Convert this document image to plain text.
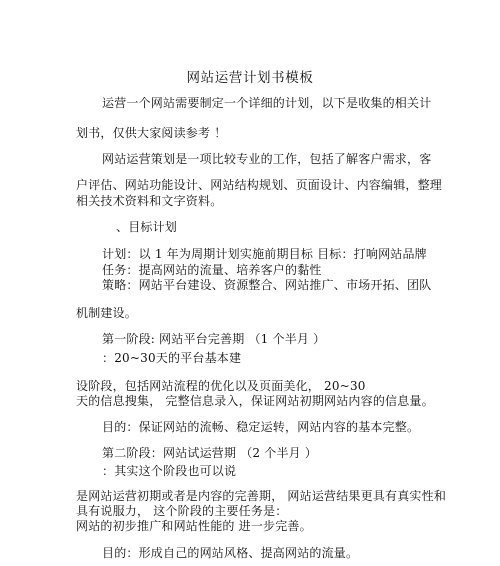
网站运营计划书模板
运营一个网站需要制定一个详细的计划，以下是收集的相关计
划书，仅供大家阅读参考 ！
网站运营策划是一项比较专业的工作，包括了解客户需求，客
户评估、网站功能设计、网站结构规划、页面设计、内容编辑，整理
相关技术资料和文字资料。
、目标计划
计划：以 1 年为周期计划实施前期目标 目标：打响网站品牌
任务：提高网站的流量、培养客户的黏性
策略：网站平台建设、资源整合、网站推广、市场开拓、团队
机制建设。
第一阶段: 网站平台完善期 （1 个半月 ）
：20~30天的平台基本建
设阶段，包括网站流程的优化以及页面美化， 20~30
天的信息搜集， 完整信息录入，保证网站初期网站内容的信息量。
目的：保证网站的流畅、稳定运转，网站内容的基本完整。
第二阶段：网站试运营期 （2 个半月 ）
：其实这个阶段也可以说
是网站运营初期或者是内容的完善期， 网站运营结果更具有真实性和
具有说服力， 这个阶段的主要任务是：
网站的初步推广和网站性能的 进一步完善。
目的：形成自己的网站风格、提高网站的流量。
